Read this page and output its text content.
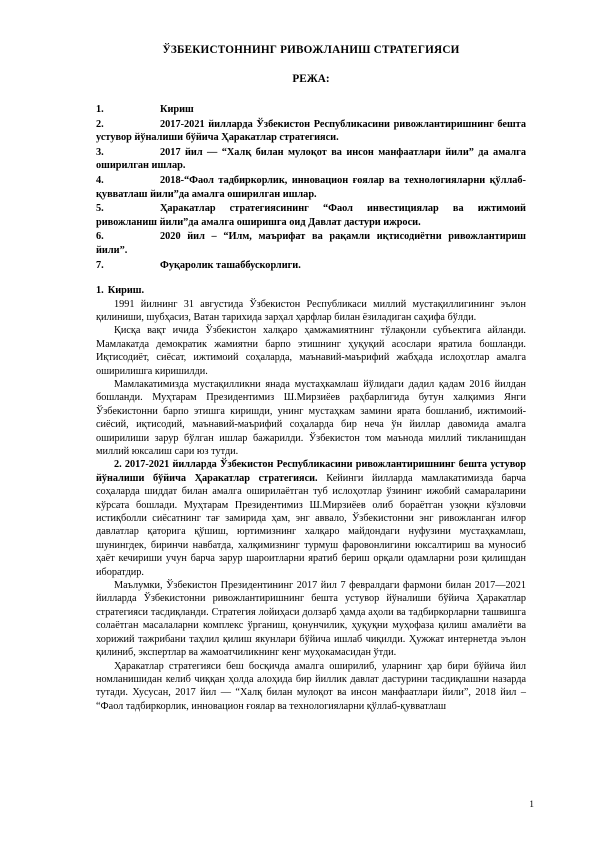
ЎЗБЕКИСТОННИНГ РИВОЖЛАНИШ СТРАТЕГИЯСИ
РЕЖА:
1.	Кириш
2.	2017-2021 йилларда Ўзбекистон Республикасини ривожлантиришнинг бешта устувор йўналиши бўйича Ҳаракатлар стратегияси.
3.	2017 йил — “Халқ билан мулоқот ва инсон манфаатлари йили” да амалга оширилган ишлар.
4.	2018-“Фаол тадбиркорлик, инновацион ғоялар ва технологияларни қўллаб-қувватлаш йили”да амалга оширилган ишлар.
5.	Ҳаракатлар стратегиясининг “Фаол инвестициялар ва ижтимоий ривожланиш йили”да амалга оширишга оид Давлат дастури ижроси.
6.	2020 йил – “Илм, маърифат ва рақамли иқтисодиётни ривожлантириш йили”.
7.	Фуқаролик ташаббускорлиги.
1. Кириш.

1991 йилнинг 31 августида Ўзбекистон Республикаси миллий мустақиллигининг эълон қилиниши, шубҳасиз, Ватан тарихида зарҳал ҳарфлар билан ёзиладиган саҳифа бўлди.

Қисқа вақт ичида Ўзбекистон халқаро ҳамжамиятнинг тўлақонли субъектига айланди. Мамлакатда демократик жамиятни барпо этишнинг ҳуқуқий асослари яратила бошланди. Иқтисодиёт, сиёсат, ижтимоий соҳаларда, маънавий-маърифий жабҳада ислоҳотлар амалга оширилишга киришилди.

Мамлакатимизда мустақилликни янада мустаҳкамлаш йўлидаги дадил қадам 2016 йилдан бошланди. Муҳтарам Президентимиз Ш.Мирзиёев раҳбарлигида бутун халқимиз Янги Ўзбекистонни барпо этишга киришди, унинг мустаҳкам замини ярата бошланиб, ижтимоий-сиёсий, иқтисодий, маънавий-маърифий соҳаларда бир неча ўн йиллар давомида амалга оширилиши зарур бўлган ишлар бажарилди. Ўзбекистон том маънода миллий тикланишдан миллий юксалиш сари юз тутди.

2. 2017-2021 йилларда Ўзбекистон Республикасини ривожлантиришнинг бешта устувор йўналиши бўйича Ҳаракатлар стратегияси. Кейинги йилларда мамлакатимизда барча соҳаларда шиддат билан амалга оширилаётган туб ислоҳотлар ўзининг ижобий самараларини кўрсата бошлади. Муҳтарам Президентимиз Ш.Мирзиёев олиб бораётган узоқни кўзловчи истиқболли сиёсатнинг тағ замирида ҳам, энг аввало, Ўзбекистонни энг ривожланган илғор давлатлар қаторига қўшиш, юртимизнинг халқаро майдондаги нуфузини мустаҳкамлаш, шунингдек, биринчи навбатда, халқимизнинг турмуш фаровонлигини юксалтириш ва муносиб ҳаёт кечириши учун барча зарур шароитларни яратиб бериш орқали одамларни рози қилишдан иборатдир.

Маълумки, Ўзбекистон Президентининг 2017 йил 7 февралдаги фармони билан 2017—2021 йилларда Ўзбекистонни ривожлантиришнинг бешта устувор йўналиши бўйича Ҳаракатлар стратегияси тасдиқланди. Стратегия лойиҳаси долзарб ҳамда аҳоли ва тадбиркорларни ташвишга солаётган масалаларни комплекс ўрганиш, қонунчилик, ҳуқуқни муҳофаза қилиш амалиёти ва хорижий тажрибани таҳлил қилиш якунлари бўйича ишлаб чиқилди. Ҳужжат интернетда эълон қилиниб, экспертлар ва жамоатчиликнинг кенг муҳокамасидан ўтди.

Ҳаракатлар стратегияси беш босқичда амалга оширилиб, уларнинг ҳар бири бўйича йил номланишидан келиб чиққан ҳолда алоҳида бир йиллик давлат дастурини тасдиқлашни назарда тутади. Хусусан, 2017 йил — “Халқ билан мулоқот ва инсон манфаатлари йили”, 2018 йил – “Фаол тадбиркорлик, инновацион ғоялар ва технологияларни қўллаб-қувватлаш

1
